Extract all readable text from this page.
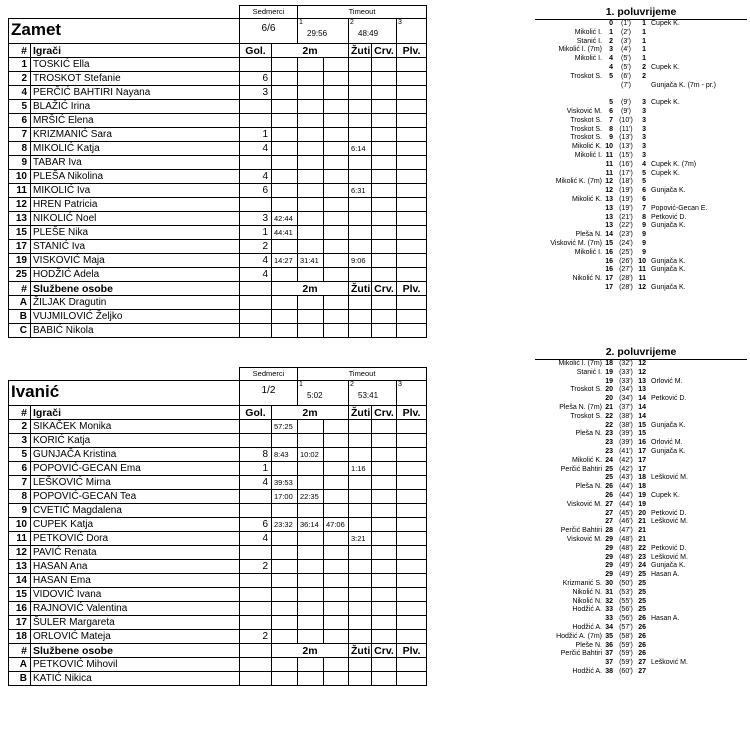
		Sedmerci		Timeout				
Zamet		6/6		1
29:56		2
48:49		3

#	Igrači	Gol.	2m			Žuti	Crv.	Plv.
1	TOSKIĆ Ella							
2	TROSKOT Stefanie	6						
4	PERČIĆ BAHTIRI Nayana	3						
5	BLAŽIĆ Irina							
6	MRŠIĆ Elena							
7	KRIZMANIĆ Sara	1						
8	MIKOLIĆ Katja	4				6:14		
9	TABAR Iva							
10	PLEŠA Nikolina	4						
11	MIKOLIĆ Iva	6				6:31		
12	HREN Patricia							
13	NIKOLIĆ Noel	3	42:44					
15	PLEŠE Nika	1	44:41					
17	STANIĆ Iva	2						
19	VISKOVIĆ Maja	4	14:27	31:41		9:06		
25	HODŽIĆ Adela	4						
#	Službene osobe		2m			Žuti	Crv.	Plv.
A	ŽILJAK Dragutin							
B	VUJMILOVIĆ Željko							
C	BABIĆ Nikola							
		Sedmerci		Timeout				
Ivanić		1/2		1
5:02		2
53:41		3

#	Igrači	Gol.	2m			Žuti	Crv.	Plv.
2	SIKAČEK Monika		57:25					
3	KORIĆ Katja							
5	GUNJAČA Kristina	8	8:43	10:02				
6	POPOVIĆ-GECAN Ema	1				1:16		
7	LEŠKOVIĆ Mirna	4	39:53					
8	POPOVIĆ-GECAN Tea		17:00	22:35				
9	CVETIĆ Magdalena							
10	CUPEK Katja	6	23:32	36:14	47:06			
11	PETKOVIĆ Dora	4				3:21		
12	PAVIĆ Renata							
13	HASAN Ana	2						
14	HASAN Ema							
15	VIDOVIĆ Ivana							
16	RAJNOVIĆ Valentina							
17	ŠULER Margareta							
18	ORLOVIĆ Mateja	2						
#	Službene osobe		2m			Žuti	Crv.	Plv.
A	PETKOVIĆ Mihovil							
B	KATIĆ Nikica							
1. poluvrijeme
0	(1')	1 Cupek K.
Mikolić I.	1	(2')	1
Stanić I.	2	(3')	1
Mikolić I. (7m)	3	(4')	1
Mikolić I.	4	(5')	1
4	(5')	2 Cupek K.
Troskot S.	5	(6')	2
(7')	Gunjača K. (7m - pr.)
5	(9')	3 Cupek K.
Visković M.	6	(9')	3
Troskot S.	7 (10')	3
Troskot S.	8 (11')	3
Troskot S.	9 (13')	3
Mikolić K. 10 (13')	3
Mikolić I. 11 (15')	3
11 (16')	4 Cupek K. (7m)
11 (17')	5 Cupek K.
Mikolić K. (7m) 12 (18')	5
12 (19')	6 Gunjača K.
Mikolić K. 13 (19')	6
13 (19')	7 Popović-Gecan E.
13 (21')	8 Petković D.
13 (22')	9 Gunjača K.
Pleša N. 14 (23')	9
Visković M. (7m) 15 (24')	9
Mikolić I. 16 (25')	9
16 (26') 10 Gunjača K.
16 (27') 11 Gunjača K.
Nikolić N. 17 (28') 11
17 (28') 12 Gunjača K.
2. poluvrijeme
Mikolić I. (7m) 18 (32') 12
Stanić I. 19 (33') 12
19 (33') 13 Orlović M.
Troskot S. 20 (34') 13
20 (34') 14 Petković D.
Pleša N. (7m) 21 (37') 14
Troskot S. 22 (38') 14
22 (38') 15 Gunjača K.
Pleša N. 23 (39') 15
23 (39') 16 Orlović M.
23 (41') 17 Gunjača K.
Mikolić K. 24 (42') 17
Perčić Bahtiri 25 (42') 17
25 (43') 18 Lešković M.
Pleša N. 26 (44') 18
26 (44') 19 Cupek K.
Visković M. 27 (44') 19
27 (45') 20 Petković D.
27 (46') 21 Lešković M.
Perčić Bahtiri 28 (47') 21
Visković M. 29 (48') 21
29 (48') 22 Petković D.
29 (48') 23 Lešković M.
29 (49') 24 Gunjača K.
29 (49') 25 Hasan A.
Krizmanić S. 30 (50') 25
Nikolić N. 31 (53') 25
Nikolić N. 32 (55') 25
Hodžić A. 33 (56') 25
33 (56') 26 Hasan A.
Hodžić A. 34 (57') 26
Hodžić A. (7m) 35 (58') 26
Pleše N. 36 (59') 26
Perčić Bahtiri 37 (59') 26
37 (59') 27 Lešković M.
Hodžić A. 38 (60') 27
